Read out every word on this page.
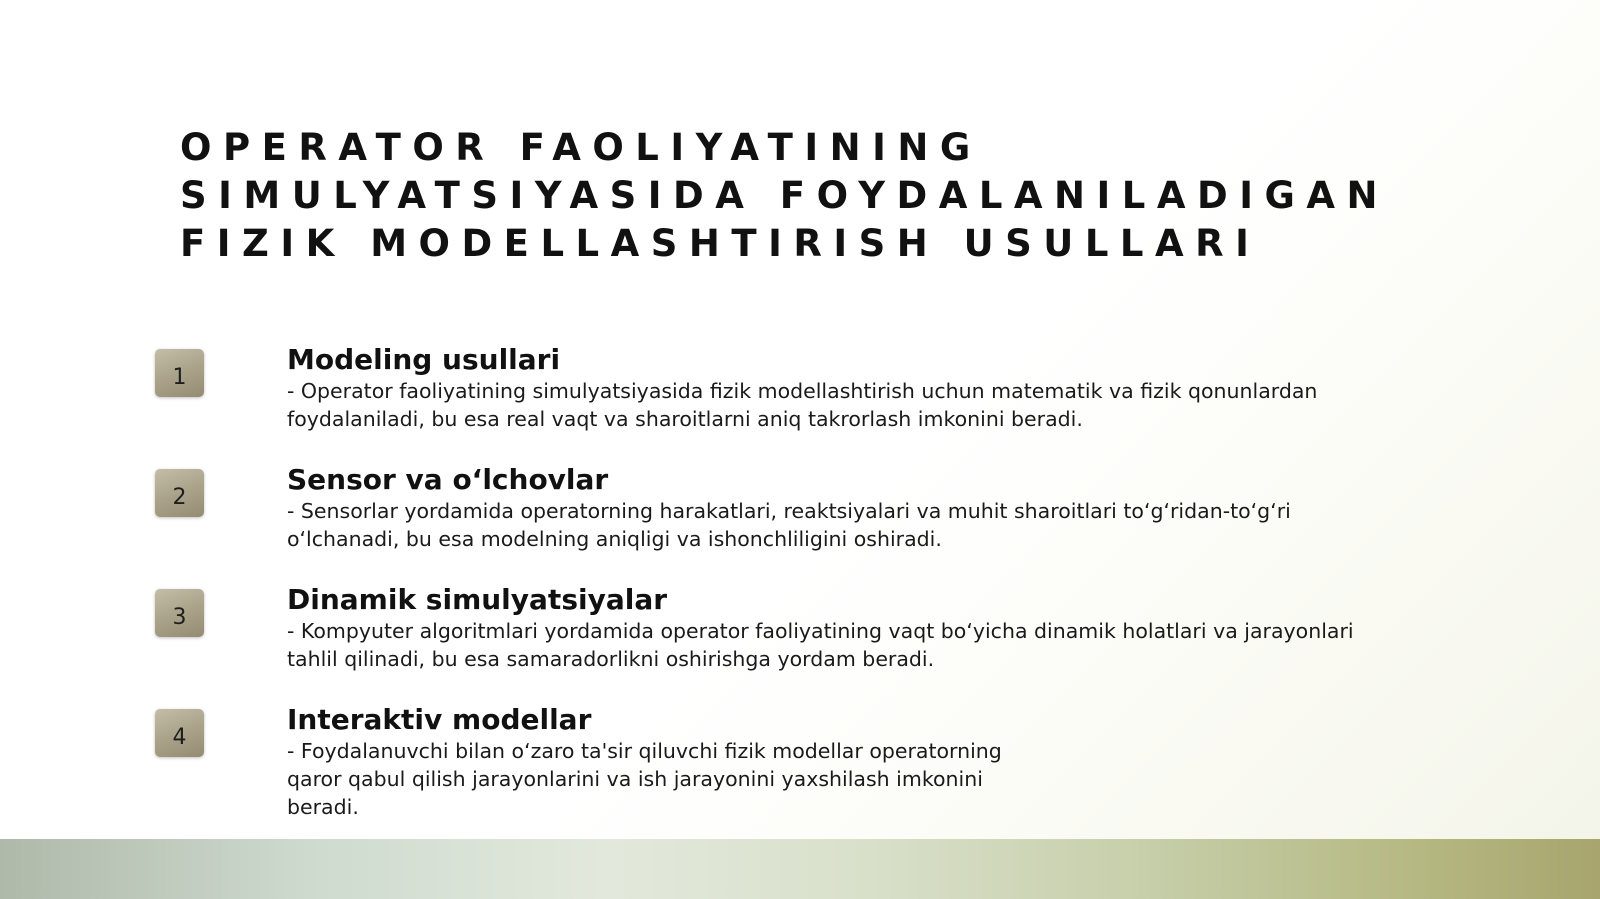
OPERATOR FAOLIYATINING
SIMULYATSIYASIDA FOYDALANILADIGAN
FIZIK MODELLASHTIRISH USULLARI
1
Modeling usullari

- Operator faoliyatining simulyatsiyasida fizik modellashtirish uchun matematik va fizik qonunlardan
foydalaniladi, bu esa real vaqt va sharoitlarni aniq takrorlash imkonini beradi.

2
Sensor va o‘lchovlar

- Sensorlar yordamida operatorning harakatlari, reaktsiyalari va muhit sharoitlari to‘g‘ridan-to‘g‘ri
o‘lchanadi, bu esa modelning aniqligi va ishonchliligini oshiradi.

3
Dinamik simulyatsiyalar

- Kompyuter algoritmlari yordamida operator faoliyatining vaqt bo‘yicha dinamik holatlari va jarayonlari
tahlil qilinadi, bu esa samaradorlikni oshirishga yordam beradi.

4
Interaktiv modellar

- Foydalanuvchi bilan o‘zaro ta'sir qiluvchi fizik modellar operatorning
qaror qabul qilish jarayonlarini va ish jarayonini yaxshilash imkonini
beradi.
